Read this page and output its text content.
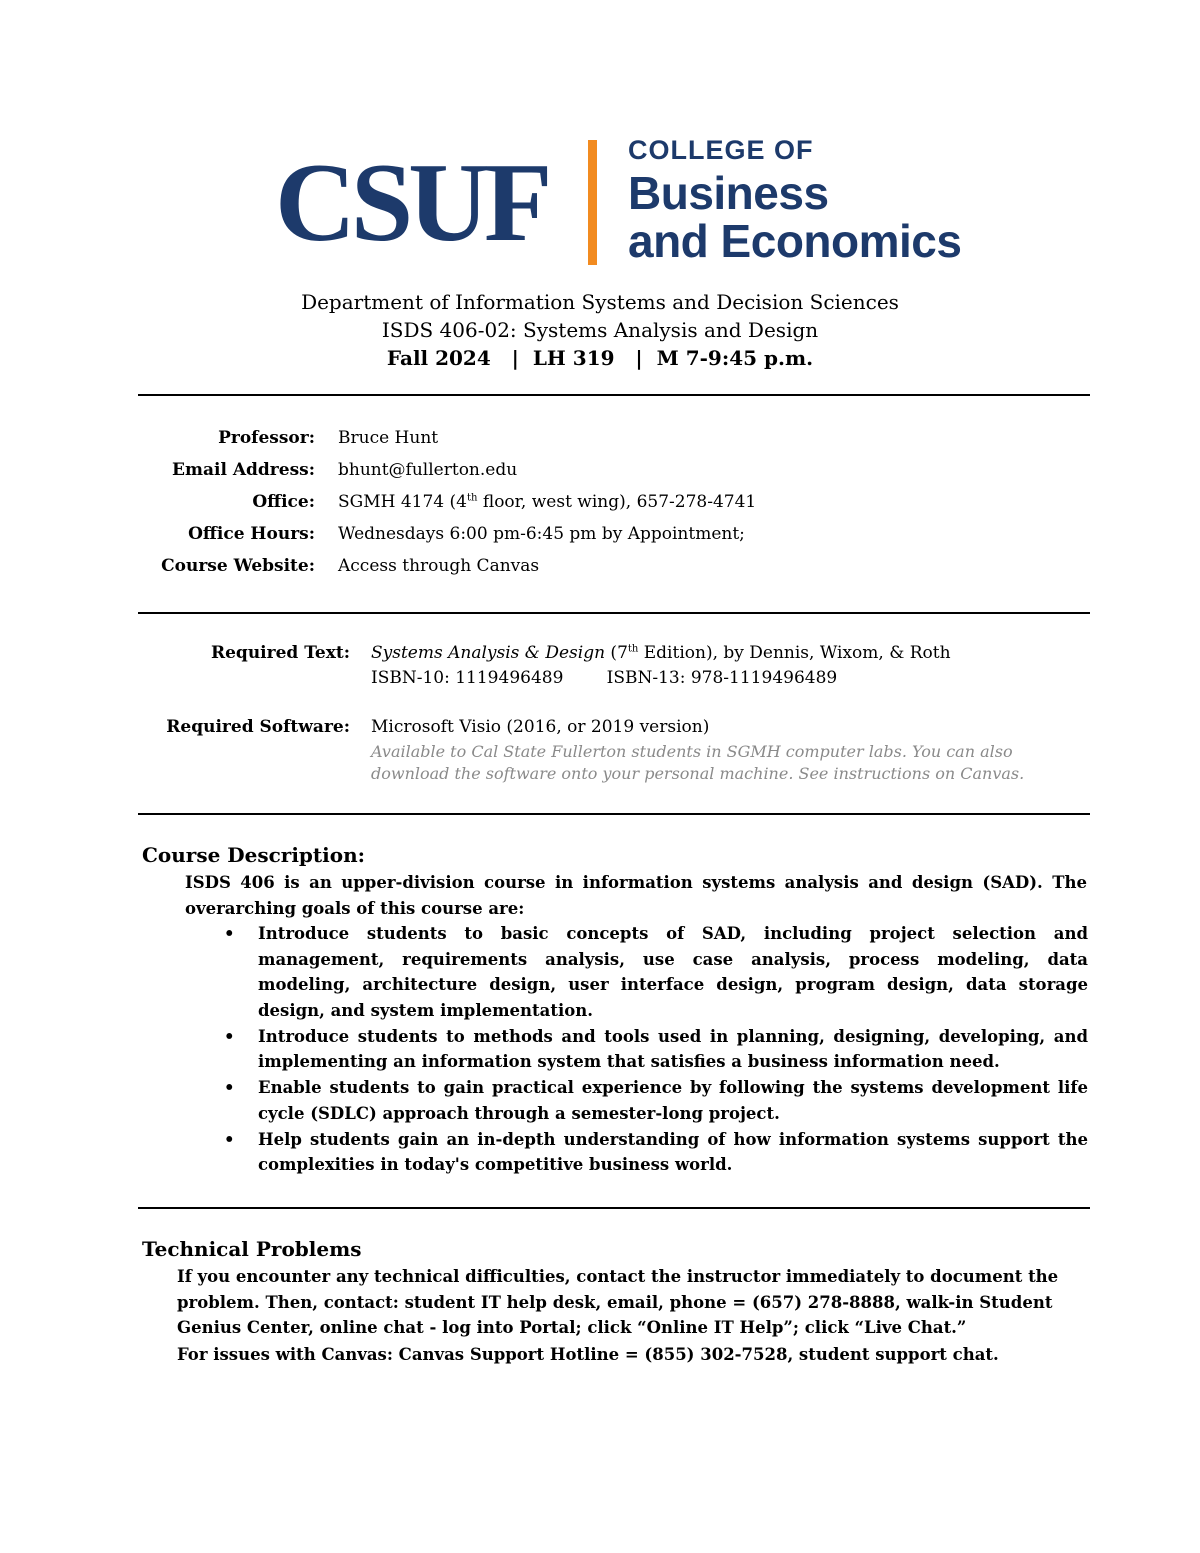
CSUF	COLLEGE OF
Business
and Economics
Department of Information Systems and Decision Sciences
ISDS 406-02: Systems Analysis and Design
Fall 2024   |  LH 319   |  M 7-9:45 p.m.
Professor: Bruce Hunt
Email Address: bhunt@fullerton.edu
Office: SGMH 4174 (4th floor, west wing), 657-278-4741
Office Hours: Wednesdays 6:00 pm-6:45 pm by Appointment;
Course Website: Access through Canvas
Required Text: Systems Analysis & Design (7th Edition), by Dennis, Wixom, & Roth
ISBN-10: 1119496489        ISBN-13: 978-1119496489
Required Software: Microsoft Visio (2016, or 2019 version)
Available to Cal State Fullerton students in SGMH computer labs. You can also
download the software onto your personal machine. See instructions on Canvas.
Course Description:
ISDS 406 is an upper-division course in information systems analysis and design (SAD). The overarching goals of this course are:
• Introduce students to basic concepts of SAD, including project selection and management, requirements analysis, use case analysis, process modeling, data modeling, architecture design, user interface design, program design, data storage design, and system implementation.
• Introduce students to methods and tools used in planning, designing, developing, and implementing an information system that satisfies a business information need.
• Enable students to gain practical experience by following the systems development life cycle (SDLC) approach through a semester-long project.
• Help students gain an in-depth understanding of how information systems support the complexities in today's competitive business world.
Technical Problems
If you encounter any technical difficulties, contact the instructor immediately to document the
problem. Then, contact: student IT help desk, email, phone = (657) 278-8888, walk-in Student
Genius Center, online chat - log into Portal; click “Online IT Help”; click “Live Chat.”
For issues with Canvas: Canvas Support Hotline = (855) 302-7528, student support chat.
